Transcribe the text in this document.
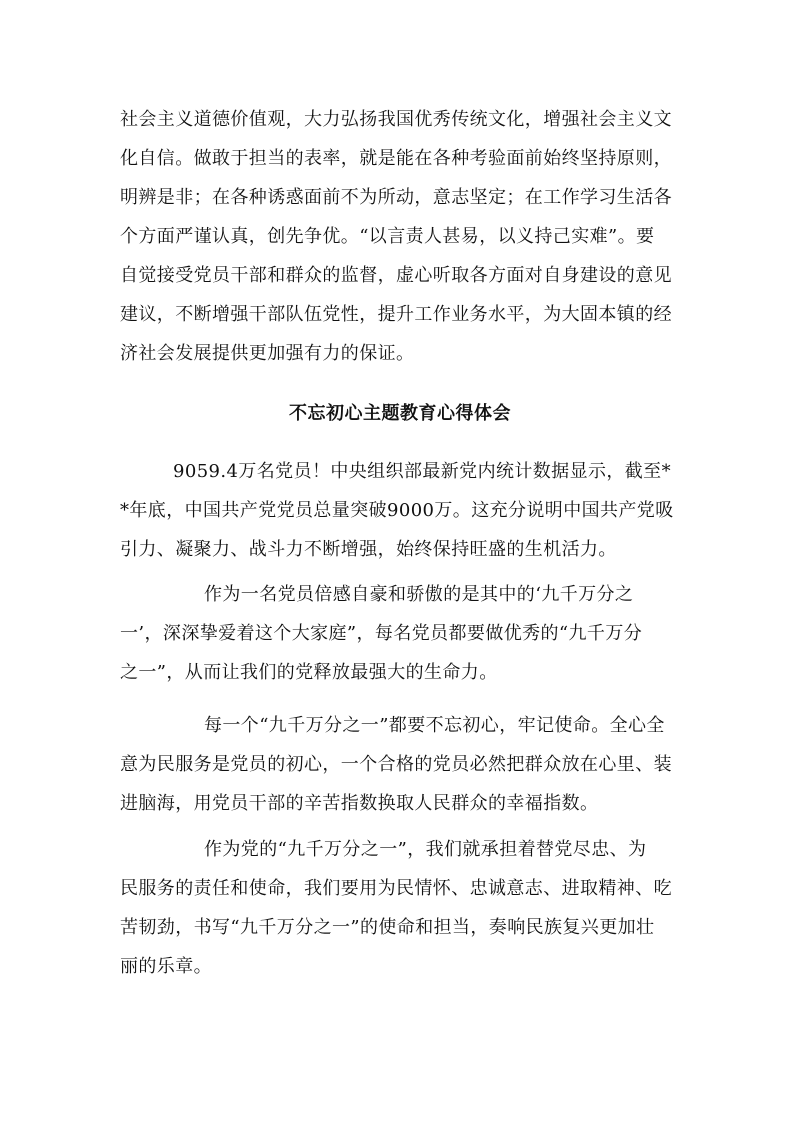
社会主义道德价值观，大力弘扬我国优秀传统文化，增强社会主义文
化自信。做敢于担当的表率，就是能在各种考验面前始终坚持原则，
明辨是非；在各种诱惑面前不为所动，意志坚定；在工作学习生活各
个方面严谨认真，创先争优。“以言责人甚易，以义持己实难”。要
自觉接受党员干部和群众的监督，虚心听取各方面对自身建设的意见
建议，不断增强干部队伍党性，提升工作业务水平，为大固本镇的经
济社会发展提供更加强有力的保证。

不忘初心主题教育心得体会

9059.4万名党员！中央组织部最新党内统计数据显示，截至*
*年底，中国共产党党员总量突破9000万。这充分说明中国共产党吸
引力、凝聚力、战斗力不断增强，始终保持旺盛的生机活力。

作为一名党员倍感自豪和骄傲的是其中的‘九千万分之
一’，深深挚爱着这个大家庭”，每名党员都要做优秀的“九千万分
之一”，从而让我们的党释放最强大的生命力。

每一个“九千万分之一”都要不忘初心，牢记使命。全心全
意为民服务是党员的初心，一个合格的党员必然把群众放在心里、装
进脑海，用党员干部的辛苦指数换取人民群众的幸福指数。

作为党的“九千万分之一”，我们就承担着替党尽忠、为
民服务的责任和使命，我们要用为民情怀、忠诚意志、进取精神、吃
苦韧劲，书写“九千万分之一”的使命和担当，奏响民族复兴更加壮
丽的乐章。
